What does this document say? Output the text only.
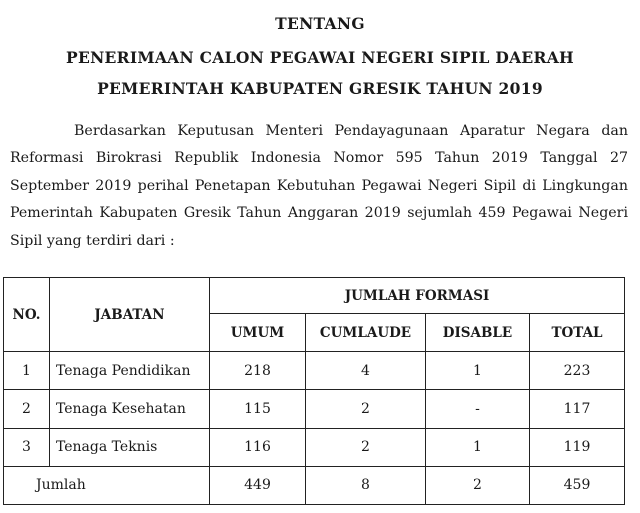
TENTANG
PENERIMAAN CALON PEGAWAI NEGERI SIPIL DAERAH
PEMERINTAH KABUPATEN GRESIK TAHUN 2019
Berdasarkan Keputusan Menteri Pendayagunaan Aparatur Negara dan
Reformasi Birokrasi Republik Indonesia Nomor 595 Tahun 2019 Tanggal 27
September 2019 perihal Penetapan Kebutuhan Pegawai Negeri Sipil di Lingkungan
Pemerintah Kabupaten Gresik Tahun Anggaran 2019 sejumlah 459 Pegawai Negeri
Sipil yang terdiri dari :
NO.	JABATAN	JUMLAH FORMASI			
		UMUM	CUMLAUDE	DISABLE	TOTAL
1	Tenaga Pendidikan	218	4	1	223
2	Tenaga Kesehatan	115	2	-	117
3	Tenaga Teknis	116	2	1	119
Jumlah		449	8	2	459
